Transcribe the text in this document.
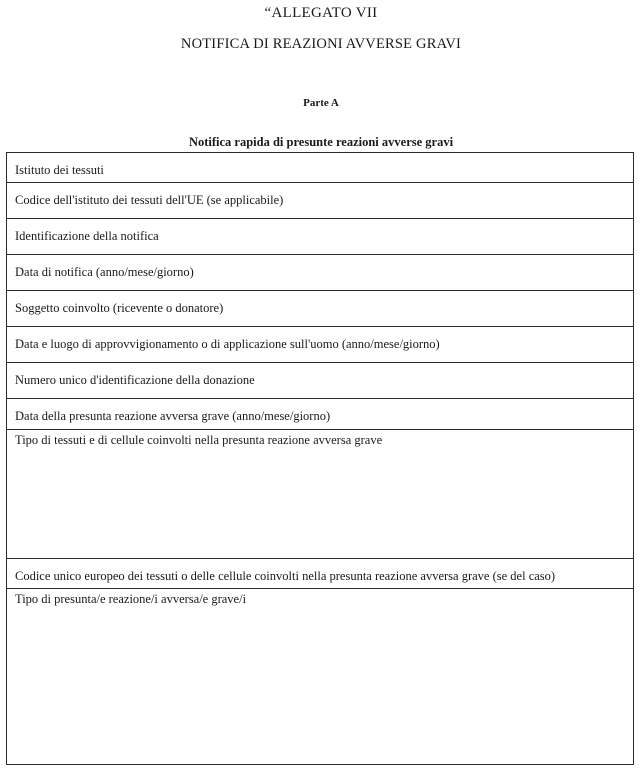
“ALLEGATO VII
NOTIFICA DI REAZIONI AVVERSE GRAVI
Parte A
Notifica rapida di presunte reazioni avverse gravi
Istituto dei tessuti
Codice dell'istituto dei tessuti dell'UE (se applicabile)
Identificazione della notifica
Data di notifica (anno/mese/giorno)
Soggetto coinvolto (ricevente o donatore)
Data e luogo di approvvigionamento o di applicazione sull'uomo (anno/mese/giorno)
Numero unico d'identificazione della donazione
Data della presunta reazione avversa grave (anno/mese/giorno)
Tipo di tessuti e di cellule coinvolti nella presunta reazione avversa grave
Codice unico europeo dei tessuti o delle cellule coinvolti nella presunta reazione avversa grave (se del caso)
Tipo di presunta/e reazione/i avversa/e grave/i
